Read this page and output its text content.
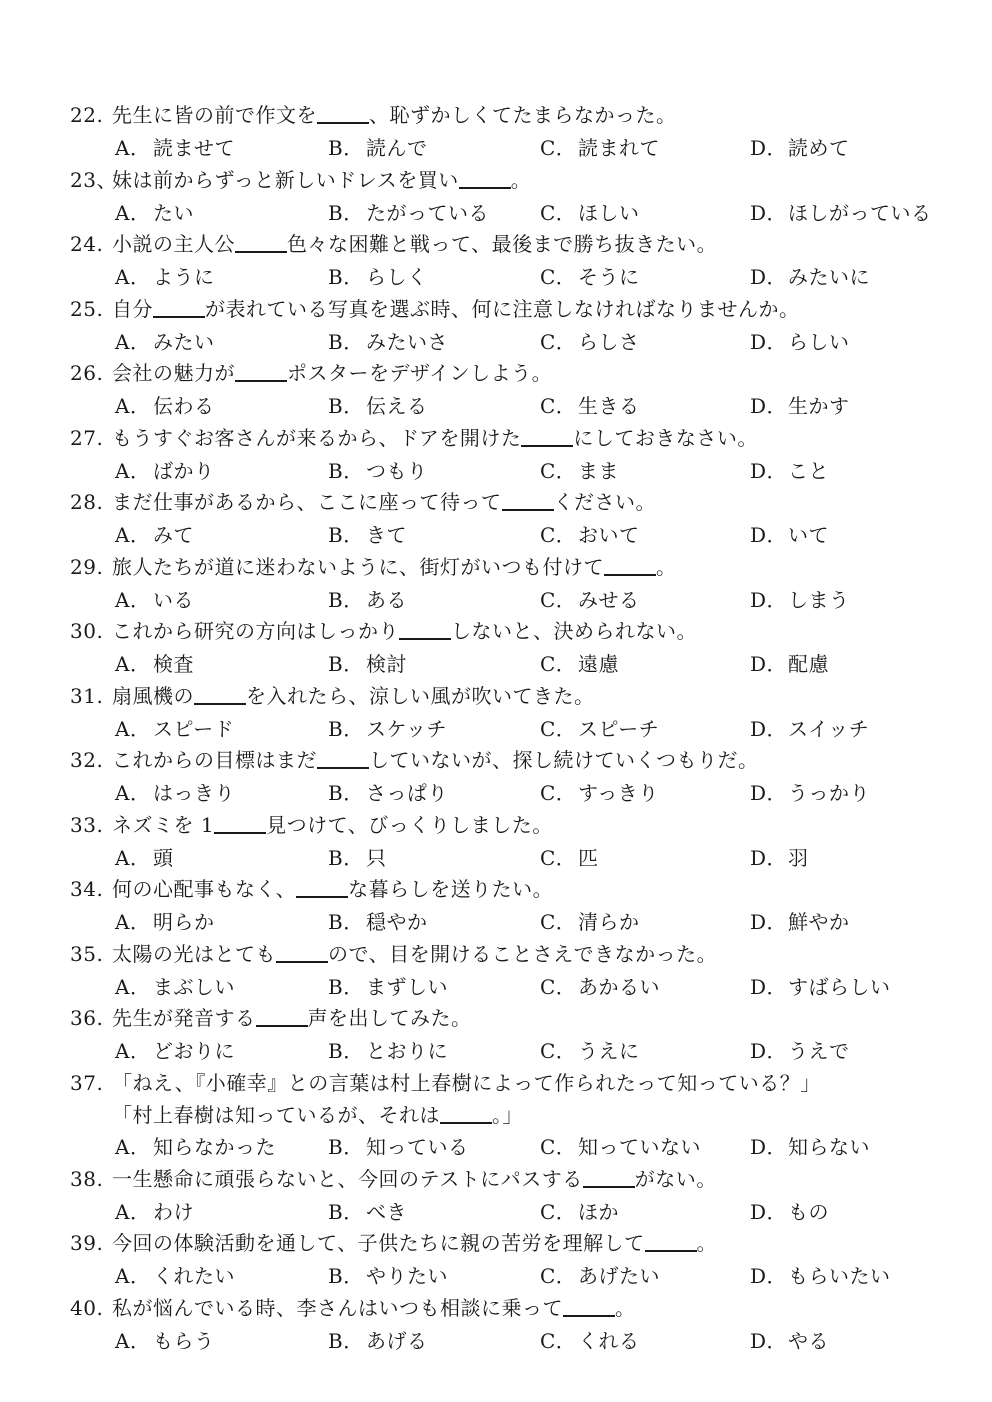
22. 先生に皆の前で作文を	、恥ずかしくてたまらなかった。
A． 読ませて	B． 読んで	C．読まれて	D．読めて
23、妹は前からずっと新しいドレスを買い	。
A． たい	B． たがっている	C．ほしい	D．ほしがっている
24. 小説の主人公	色々な困難と戦って、最後まで勝ち抜きたい。
A． ように	B． らしく	C．そうに	D．みたいに
25. 自分	が表れている写真を選ぶ時、何に注意しなければなりませんか。
A． みたい	B． みたいさ	C．らしさ	D．らしい
26. 会社の魅力が	ポスターをデザインしよう。
A． 伝わる	B． 伝える	C．生きる	D．生かす
27. もうすぐお客さんが来るから、ドアを開けた	にしておきなさい。
A． ばかり	B． つもり	C．まま	D．こと
28. まだ仕事があるから、ここに座って待って	ください。
A． みて	B． きて	C．おいて	D．いて
29. 旅人たちが道に迷わないように、街灯がいつも付けて	。
A． いる	B． ある	C．みせる	D．しまう
30. これから研究の方向はしっかり	しないと、決められない。
A． 検査	B． 検討	C．遠慮	D．配慮
31. 扇風機の	を入れたら、涼しい風が吹いてきた。
A． スピード	B． スケッチ	C．スピーチ	D．スイッチ
32. これからの目標はまだ	していないが、探し続けていくつもりだ。
A． はっきり	B． さっぱり	C．すっきり	D．うっかり
33. ネズミを 1	見つけて、びっくりしました。
A． 頭	B． 只	C．匹	D．羽
34. 何の心配事もなく、	な暮らしを送りたい。
A． 明らか	B． 穏やか	C．清らか	D．鮮やか
35. 太陽の光はとても	ので、目を開けることさえできなかった。
A． まぶしい	B． まずしい	C．あかるい	D．すばらしい
36. 先生が発音する	声を出してみた。
A． どおりに	B． とおりに	C．うえに	D．うえで
37. 「ねえ、『小確幸』との言葉は村上春樹によって作られたって知っている？」
「村上春樹は知っているが、それは	。」
A． 知らなかった	B． 知っている	C．知っていない D．知らない
38. 一生懸命に頑張らないと、今回のテストにパスする	がない。
A． わけ	B． べき	C．ほか	D．もの
39. 今回の体験活動を通して、子供たちに親の苦労を理解して	。
A． くれたい	B． やりたい	C．あげたい	D．もらいたい
40. 私が悩んでいる時、李さんはいつも相談に乗って	。
A． もらう	B． あげる	C．くれる	D．やる
